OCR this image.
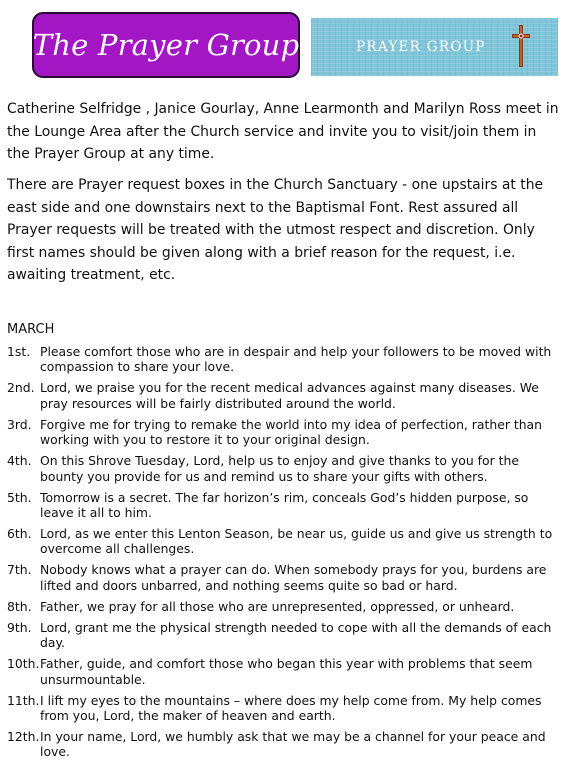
The Prayer Group	PRAYER GROUP

Catherine Selfridge , Janice Gourlay, Anne Learmonth and Marilyn Ross meet in the Lounge Area after the Church service and invite you to visit/join them in the Prayer Group at any time.

There are Prayer request boxes in the Church Sanctuary - one upstairs at the east side and one downstairs next to the Baptismal Font. Rest assured all Prayer requests will be treated with the utmost respect and discretion. Only first names should be given along with a brief reason for the request, i.e. awaiting treatment, etc.

MARCH

1st. Please comfort those who are in despair and help your followers to be moved with compassion to share your love.
2nd. Lord, we praise you for the recent medical advances against many diseases. We pray resources will be fairly distributed around the world.
3rd. Forgive me for trying to remake the world into my idea of perfection, rather than working with you to restore it to your original design.
4th. On this Shrove Tuesday, Lord, help us to enjoy and give thanks to you for the bounty you provide for us and remind us to share your gifts with others.
5th. Tomorrow is a secret. The far horizon’s rim, conceals God’s hidden purpose, so leave it all to him.
6th. Lord, as we enter this Lenton Season, be near us, guide us and give us strength to overcome all challenges.
7th. Nobody knows what a prayer can do. When somebody prays for you, burdens are lifted and doors unbarred, and nothing seems quite so bad or hard.
8th. Father, we pray for all those who are unrepresented, oppressed, or unheard.
9th. Lord, grant me the physical strength needed to cope with all the demands of each day.
10th. Father, guide, and comfort those who began this year with problems that seem unsurmountable.
11th. I lift my eyes to the mountains – where does my help come from. My help comes from you, Lord, the maker of heaven and earth.
12th. In your name, Lord, we humbly ask that we may be a channel for your peace and love.
